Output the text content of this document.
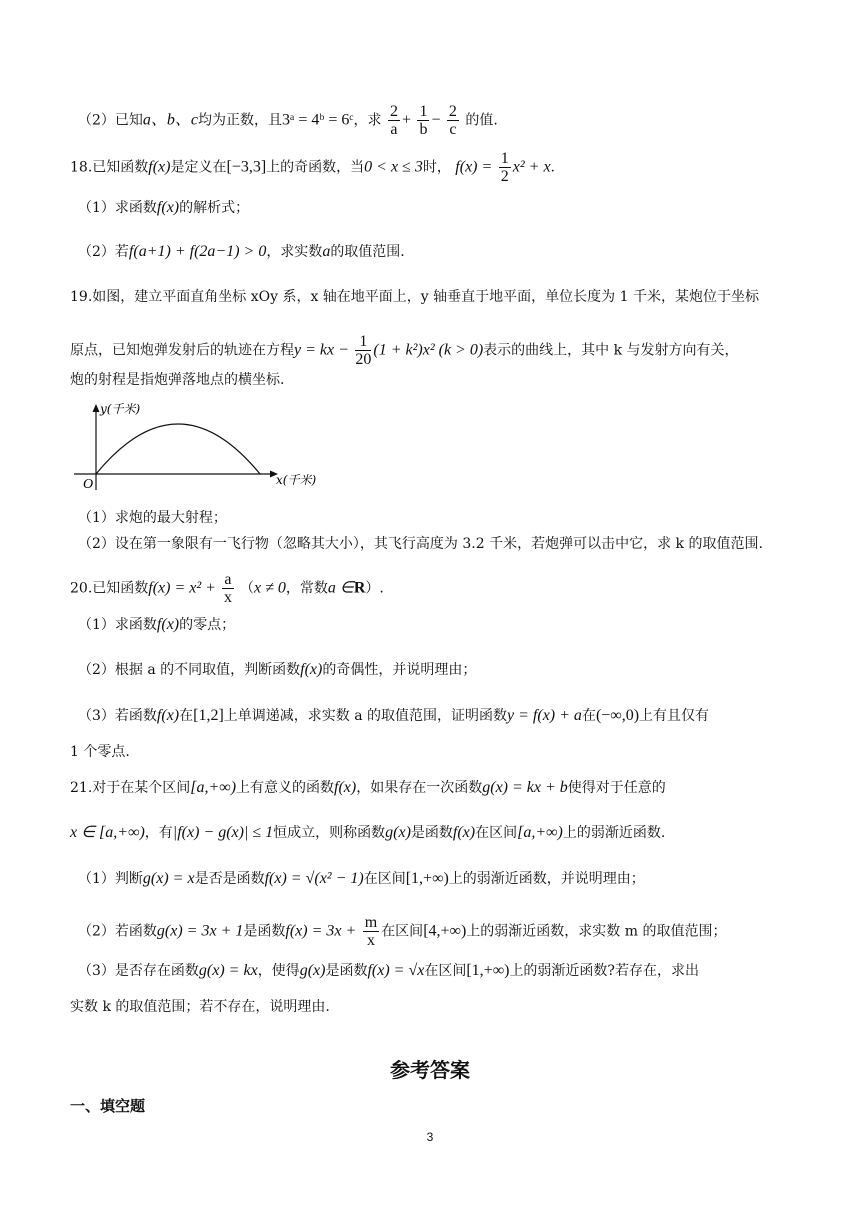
（2）已知a、b、c均为正数，且3ᵃ = 4ᵇ = 6ᶜ，求 $\frac{2}{a} + \frac{1}{b} - \frac{2}{c}$ 的值.
18.已知函数f(x)是定义在[−3,3]上的奇函数，当0 < x ≤ 3时， $f(x) = \frac{1}{2} x^2 + x$.
（1）求函数f(x)的解析式；
（2）若f(a+1) + f(2a−1) > 0，求实数a的取值范围.
19.如图，建立平面直角坐标 xOy 系，x 轴在地平面上，y 轴垂直于地平面，单位长度为 1 千米，某炮位于坐标
原点，已知炮弹发射后的轨迹在方程y = kx − $\frac{1}{20} (1 + k^2)x^2$ (k > 0)表示的曲线上，其中 k 与发射方向有关，
炮的射程是指炮弹落地点的横坐标.
y(千米)
x(千米)
O
（1）求炮的最大射程；
（2）设在第一象限有一飞行物（忽略其大小），其飞行高度为 3.2 千米，若炮弹可以击中它，求 k 的取值范围.
20.已知函数$f(x) = x^2 + \frac{a}{x} (x \ne 0$，常数a ∈R）.
（1）求函数f(x)的零点；
（2）根据 a 的不同取值，判断函数f(x)的奇偶性，并说明理由；
（3）若函数f(x)在[1,2]上单调递减，求实数 a 的取值范围，证明函数y = f(x) + a在(−∞,0)上有且仅有
1 个零点.
21.对于在某个区间[a,+∞)上有意义的函数f(x)，如果存在一次函数g(x) = kx + b使得对于任意的
x ∈ [a,+∞)，有|f(x) − g(x)| ≤ 1恒成立，则称函数g(x)是函数f(x)在区间[a,+∞)上的弱渐近函数.
（1）判断g(x) = x是否是函数f(x) = √(x² − 1)在区间[1,+∞)上的弱渐近函数，并说明理由；
（2）若函数g(x) = 3x + 1是函数$f(x) = 3x + \frac{m}{x}$ 在区间[4,+∞)上的弱渐近函数，求实数 m 的取值范围；
（3）是否存在函数g(x) = kx，使得g(x)是函数f(x) = √x在区间[1,+∞)上的弱渐近函数?若存在，求出
实数 k 的取值范围；若不存在，说明理由.
参考答案
一、填空题
3
